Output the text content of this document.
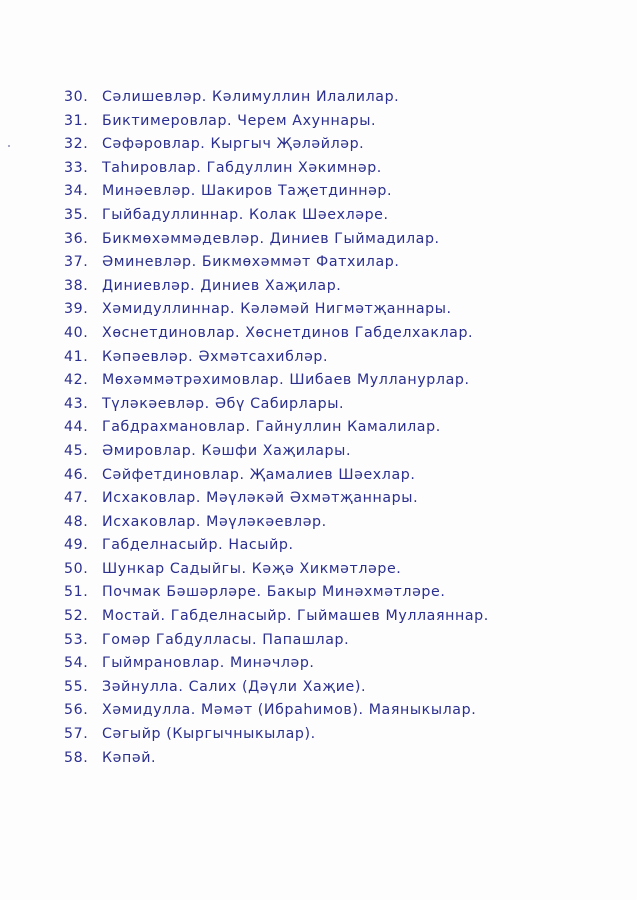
30. Сәлишевләр. Кәлимуллин Илалилар.
31. Биктимеровлар. Черем Ахуннары.
32. Сәфәровлар. Кыргыч Җәләйләр.
33. Таһировлар. Габдуллин Хәкимнәр.
34. Минәевләр. Шакиров Таҗетдиннәр.
35. Гыйбадуллиннар. Колак Шәехләре.
36. Бикмөхәммәдевләр. Диниев Гыймадилар.
37. Әминевләр. Бикмөхәммәт Фатхилар.
38. Диниевләр. Диниев Хаҗилар.
39. Хәмидуллиннар. Кәләмәй Нигмәтҗаннары.
40. Хөснетдиновлар. Хөснетдинов Габделхаклар.
41. Кәпәевләр. Әхмәтсахибләр.
42. Мөхәммәтрәхимовлар. Шибаев Мулланурлар.
43. Түләкәевләр. Әбү Сабирлары.
44. Габдрахмановлар. Гайнуллин Камалилар.
45. Әмировлар. Кәшфи Хаҗилары.
46. Сәйфетдиновлар. Җамалиев Шәехлар.
47. Исхаковлар. Мәүләкәй Әхмәтҗаннары.
48. Исхаковлар. Мәүләкәевләр.
49. Габделнасыйр. Насыйр.
50. Шункар Садыйгы. Кәҗә Хикмәтләре.
51. Почмак Бәшәрләре. Бакыр Минәхмәтләре.
52. Мостай. Габделнасыйр. Гыймашев Муллаяннар.
53. Гомәр Габдулласы. Папашлар.
54. Гыймрановлар. Минәчләр.
55. Зәйнулла. Салих (Дәүли Хаҗие).
56. Хәмидулла. Мәмәт (Ибраһимов). Маяныкылар.
57. Сәгыйр (Кыргычныкылар).
58. Кәпәй.
